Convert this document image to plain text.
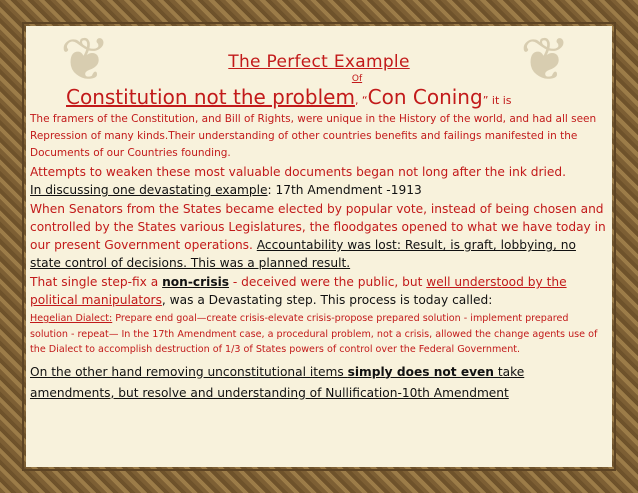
❦	❦
The Perfect Example
Of
Constitution not the problem, “Con Coning” it is

The framers of the Constitution, and Bill of Rights, were unique in the History of the world, and had all seen Repression of many kinds.Their understanding of other countries benefits and failings manifested in the Documents of our Countries founding.

Attempts to weaken these most valuable documents began not long after the ink dried.
In discussing one devastating example: 17th Amendment -1913

When Senators from the States became elected by popular vote, instead of being chosen and controlled by the States various Legislatures, the floodgates opened to what we have today in our present Government operations. Accountability was lost: Result, is graft, lobbying, no state control of decisions. This was a planned result.

That single step-fix a non-crisis - deceived were the public, but well understood by the political manipulators, was a Devastating step. This process is today called:

Hegelian Dialect: Prepare end goal—create crisis-elevate crisis-propose prepared solution - implement prepared solution - repeat— In the 17th Amendment case, a procedural problem, not a crisis, allowed the change agents use of the Dialect to accomplish destruction of 1/3 of States powers of control over the Federal Government.

On the other hand removing unconstitutional items simply does not even take amendments, but resolve and understanding of Nullification-10th Amendment
